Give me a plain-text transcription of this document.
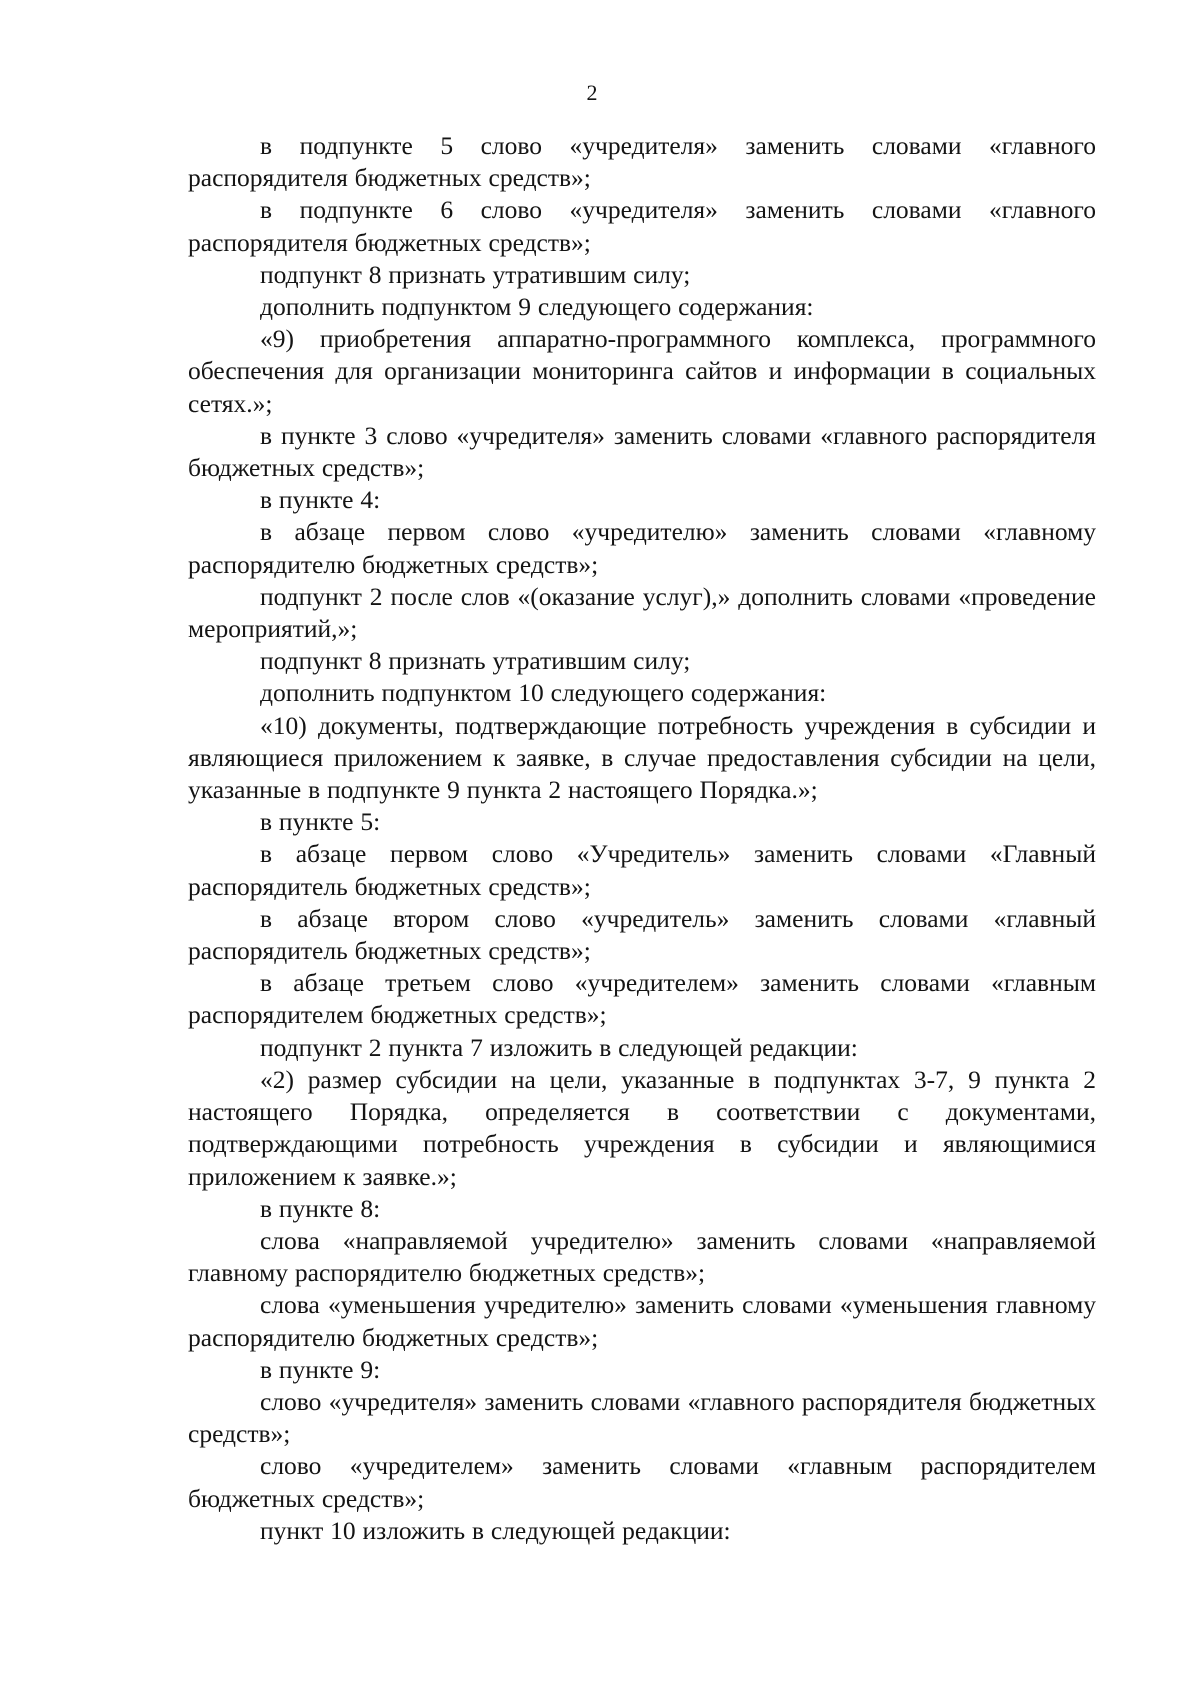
2

в подпункте 5 слово «учредителя» заменить словами «главного распорядителя бюджетных средств»;

в подпункте 6 слово «учредителя» заменить словами «главного распорядителя бюджетных средств»;

подпункт 8 признать утратившим силу;

дополнить подпунктом 9 следующего содержания:

«9) приобретения аппаратно-программного комплекса, программного обеспечения для организации мониторинга сайтов и информации в социальных сетях.»;

в пункте 3 слово «учредителя» заменить словами «главного распорядителя бюджетных средств»;

в пункте 4:

в абзаце первом слово «учредителю» заменить словами «главному распорядителю бюджетных средств»;

подпункт 2 после слов «(оказание услуг),» дополнить словами «проведение мероприятий,»;

подпункт 8 признать утратившим силу;

дополнить подпунктом 10 следующего содержания:

«10) документы, подтверждающие потребность учреждения в субсидии и являющиеся приложением к заявке, в случае предоставления субсидии на цели, указанные в подпункте 9 пункта 2 настоящего Порядка.»;

в пункте 5:

в абзаце первом слово «Учредитель» заменить словами «Главный распорядитель бюджетных средств»;

в абзаце втором слово «учредитель» заменить словами «главный распорядитель бюджетных средств»;

в абзаце третьем слово «учредителем» заменить словами «главным распорядителем бюджетных средств»;

подпункт 2 пункта 7 изложить в следующей редакции:

«2) размер субсидии на цели, указанные в подпунктах 3-7, 9 пункта 2 настоящего Порядка, определяется в соответствии с документами, подтверждающими потребность учреждения в субсидии и являющимися приложением к заявке.»;

в пункте 8:

слова «направляемой учредителю» заменить словами «направляемой главному распорядителю бюджетных средств»;

слова «уменьшения учредителю» заменить словами «уменьшения главному распорядителю бюджетных средств»;

в пункте 9:

слово «учредителя» заменить словами «главного распорядителя бюджетных средств»;

слово «учредителем» заменить словами «главным распорядителем бюджетных средств»;

пункт 10 изложить в следующей редакции:
